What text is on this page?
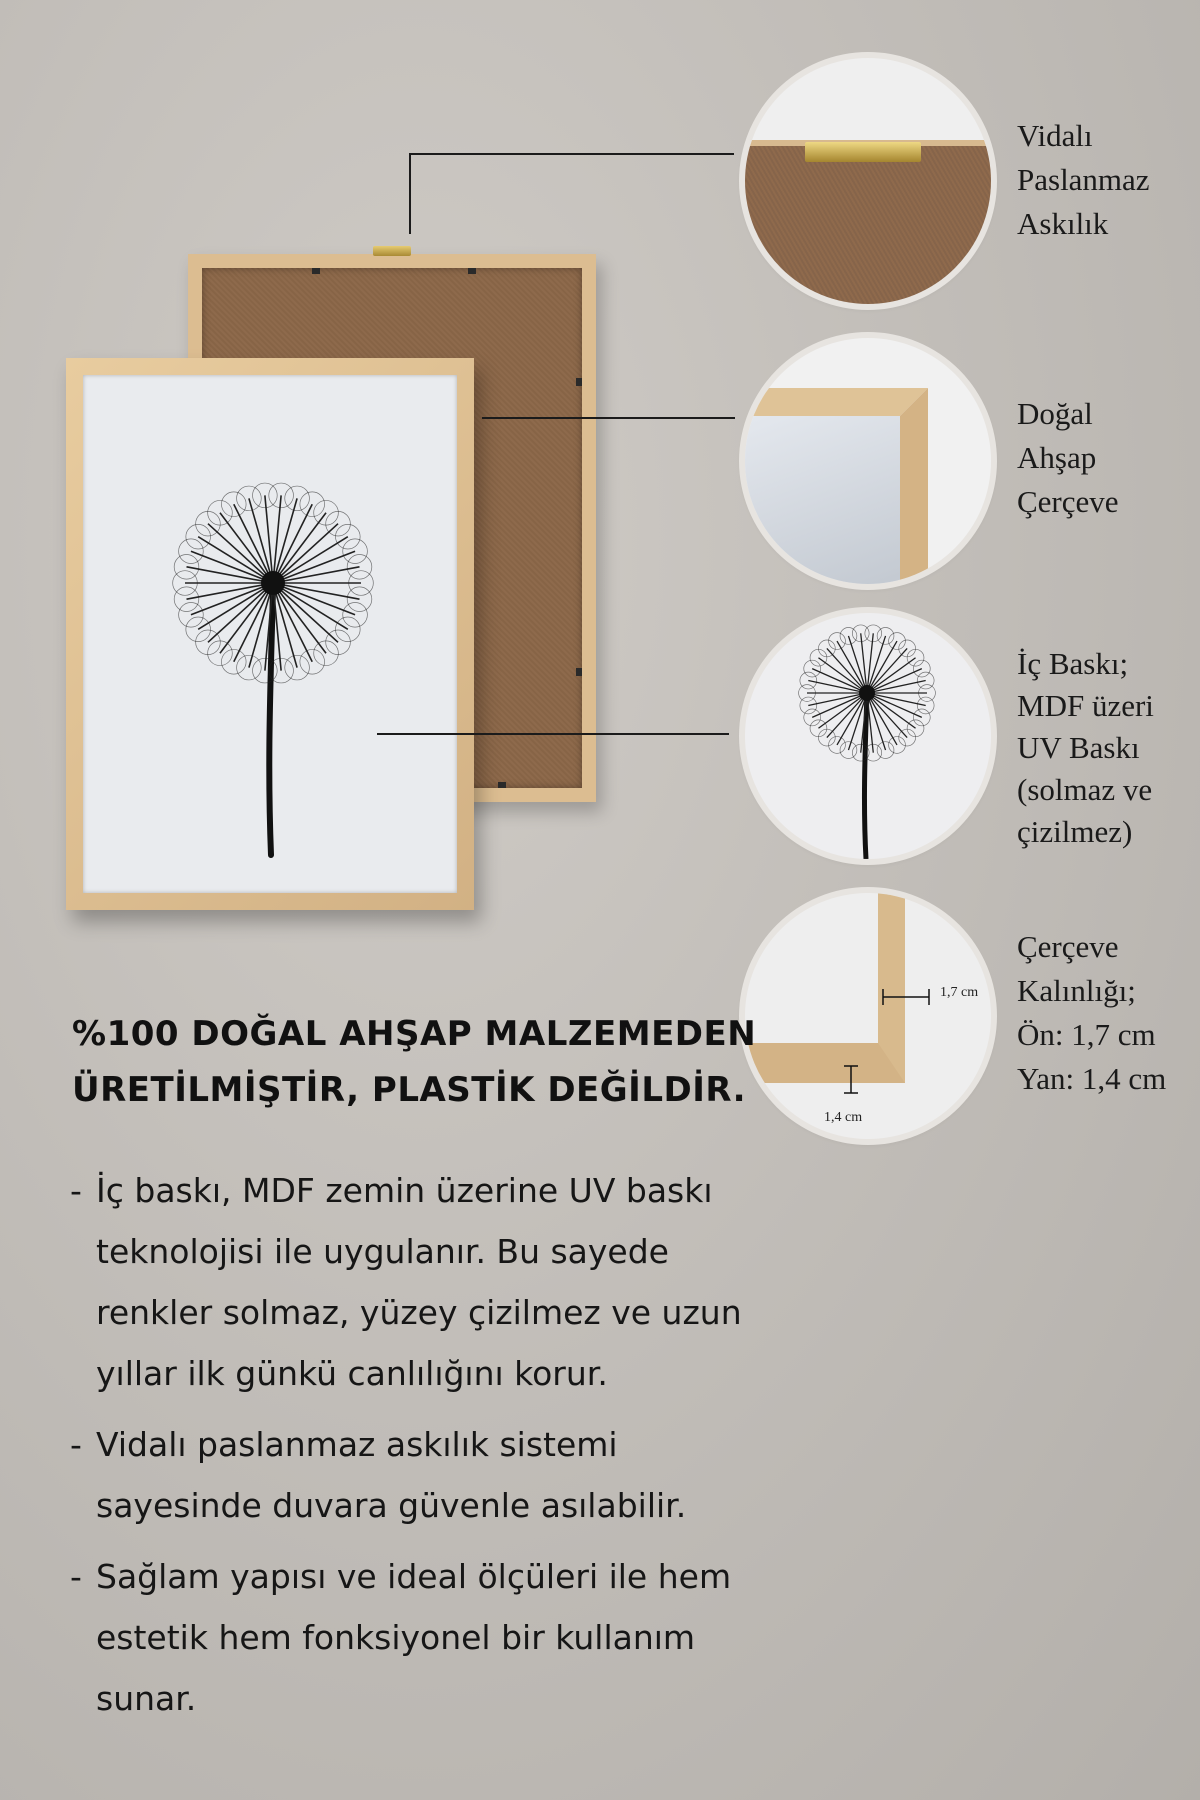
1,7 cm
1,4 cm
Vidalı
Paslanmaz
Askılık
Doğal
Ahşap
Çerçeve
İç Baskı;
MDF üzeri
UV Baskı
(solmaz ve
çizilmez)
Çerçeve
Kalınlığı;
Ön: 1,7 cm
Yan: 1,4 cm
%100 DOĞAL AHŞAP MALZEMEDEN
ÜRETİLMİŞTİR, PLASTİK DEĞİLDİR.
- İç baskı, MDF zemin üzerine UV baskı teknolojisi ile uygulanır. Bu sayede renkler solmaz, yüzey çizilmez ve uzun yıllar ilk günkü canlılığını korur.
- Vidalı paslanmaz askılık sistemi sayesinde duvara güvenle asılabilir.
- Sağlam yapısı ve ideal ölçüleri ile hem estetik hem fonksiyonel bir kullanım sunar.
